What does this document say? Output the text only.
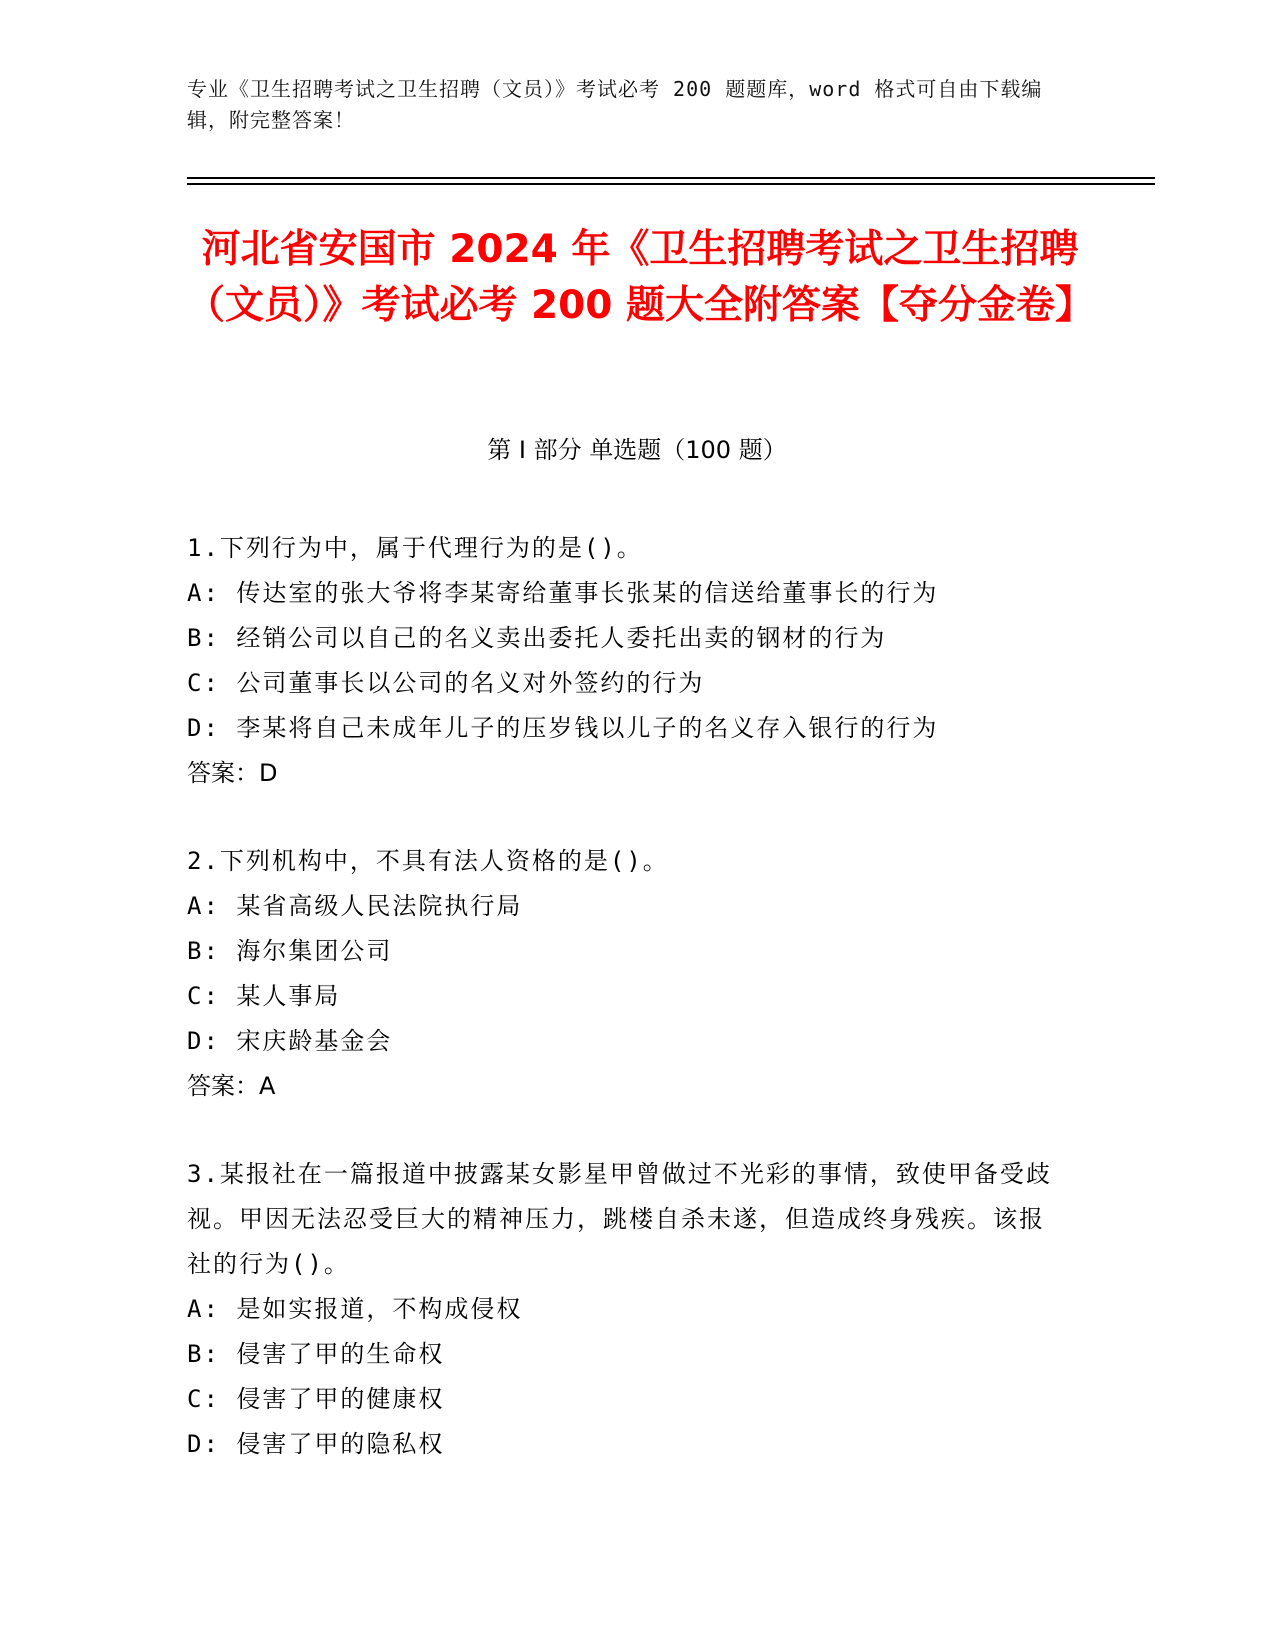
专业《卫生招聘考试之卫生招聘（文员）》考试必考 200 题题库，word 格式可自由下载编辑，附完整答案！
河北省安国市 2024 年《卫生招聘考试之卫生招聘（文员）》考试必考 200 题大全附答案【夺分金卷】
第 I 部分 单选题（100 题）

1.下列行为中，属于代理行为的是()。

A: 传达室的张大爷将李某寄给董事长张某的信送给董事长的行为

B: 经销公司以自己的名义卖出委托人委托出卖的钢材的行为

C: 公司董事长以公司的名义对外签约的行为

D: 李某将自己未成年儿子的压岁钱以儿子的名义存入银行的行为

答案：D

2.下列机构中，不具有法人资格的是()。

A: 某省高级人民法院执行局

B: 海尔集团公司

C: 某人事局

D: 宋庆龄基金会

答案：A

3.某报社在一篇报道中披露某女影星甲曾做过不光彩的事情，致使甲备受歧视。甲因无法忍受巨大的精神压力，跳楼自杀未遂，但造成终身残疾。该报社的行为()。

A: 是如实报道，不构成侵权

B: 侵害了甲的生命权

C: 侵害了甲的健康权

D: 侵害了甲的隐私权
